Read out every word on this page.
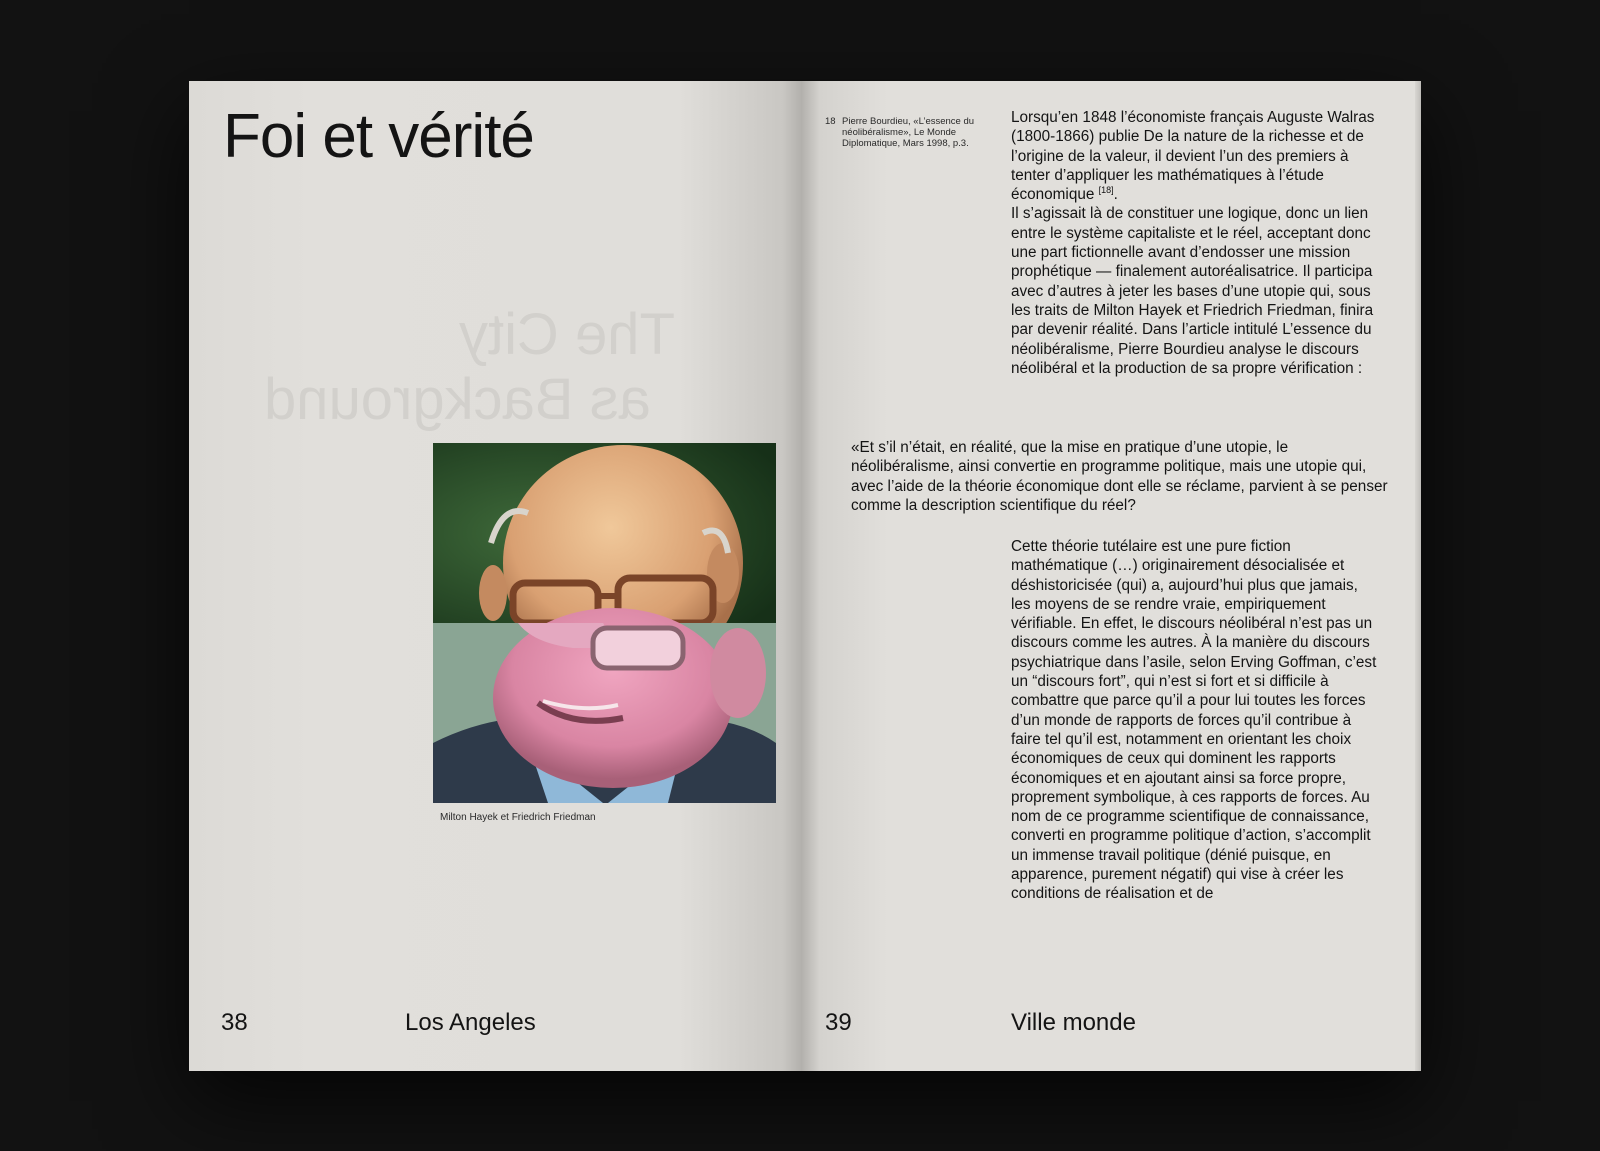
Foi et vérité
The City
as Background
Milton Hayek et Friedrich Friedman
38	Los Angeles
18 Pierre Bourdieu, «L’essence du néolibéralisme», Le Monde Diplomatique, Mars 1998, p.3.
Lorsqu’en 1848 l’économiste français Auguste Walras (1800-1866) publie De la nature de la richesse et de l’origine de la valeur, il devient l’un des premiers à tenter d’appliquer les mathématiques à l’étude économique [18].
Il s’agissait là de constituer une logique, donc un lien entre le système capitaliste et le réel, acceptant donc une part fictionnelle avant d’endosser une mission prophétique — finalement autoréalisatrice. Il participa avec d’autres à jeter les bases d’une utopie qui, sous les traits de Milton Hayek et Friedrich Friedman, finira par devenir réalité. Dans l’article intitulé L’essence du néolibéralisme, Pierre Bourdieu analyse le discours néolibéral et la production de sa propre vérification :
«Et s’il n’était, en réalité, que la mise en pratique d’une utopie, le néolibéralisme, ainsi convertie en programme politique, mais une utopie qui, avec l’aide de la théorie économique dont elle se réclame, parvient à se penser comme la description scientifique du réel?
Cette théorie tutélaire est une pure fiction mathématique (…) originairement désocialisée et déshistoricisée (qui) a, aujourd’hui plus que jamais, les moyens de se rendre vraie, empiriquement vérifiable. En effet, le discours néolibéral n’est pas un discours comme les autres. À la manière du discours psychiatrique dans l’asile, selon Erving Goffman, c’est un “discours fort”, qui n’est si fort et si difficile à combattre que parce qu’il a pour lui toutes les forces d’un monde de rapports de forces qu’il contribue à faire tel qu’il est, notamment en orientant les choix économiques de ceux qui dominent les rapports économiques et en ajoutant ainsi sa force propre, proprement symbolique, à ces rapports de forces. Au nom de ce programme scientifique de connaissance, converti en programme politique d’action, s’accomplit un immense travail politique (dénié puisque, en apparence, purement négatif) qui vise à créer les conditions de réalisation et de
39	Ville monde
